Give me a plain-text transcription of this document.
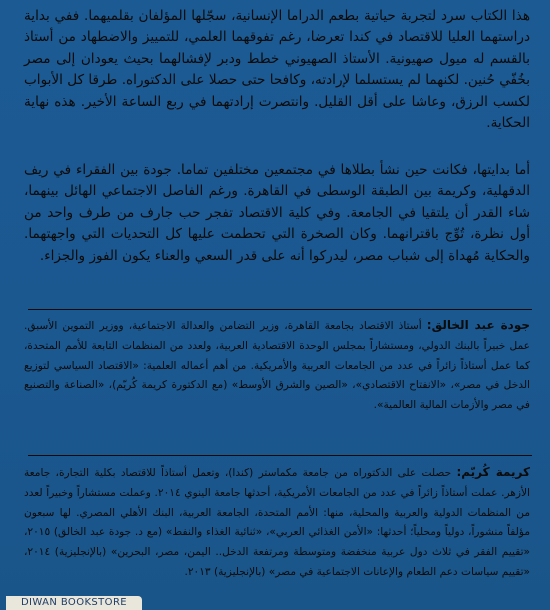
هذا الكتاب سرد لتجربة حياتية بطعم الدراما الإنسانية، سجّلها المؤلفان بقلميهما. ففي بداية دراستهما العليا للاقتصاد في كندا تعرضا، رغم تفوقهما العلمي، للتمييز والاضطهاد من أستاذ بالقسم له ميول صهيونية. الأستاذ الصهيوني خطط ودبر لإفشالهما بحيث يعودان إلى مصر بخُفّي حُنين. لكنهما لم يستسلما لإرادته، وكافحا حتى حصلا على الدكتوراه. طرقا كل الأبواب لكسب الرزق، وعاشا على أقل القليل. وانتصرت إرادتهما في ربع الساعة الأخير. هذه نهاية الحكاية.
أما بدايتها، فكانت حين نشأ بطلاها في مجتمعين مختلفين تماما. جودة بين الفقراء في ريف الدقهلية، وكريمة بين الطبقة الوسطى في القاهرة. ورغم الفاصل الاجتماعي الهائل بينهما، شاء القدر أن يلتقيا في الجامعة. وفي كلية الاقتصاد تفجر حب جارف من طرف واحد من أول نظرة، تُوِّج باقترانهما. وكان الصخرة التي تحطمت عليها كل التحديات التي واجهتهما. والحكاية مُهداة إلى شباب مصر، ليدركوا أنه على قدر السعي والعناء يكون الفوز والجزاء.
جودة عبد الخالق: أستاذ الاقتصاد بجامعة القاهرة، وزير التضامن والعدالة الاجتماعية، ووزير التموين الأسبق. عمل خبيراً بالبنك الدولي، ومستشاراً بمجلس الوحدة الاقتصادية العربية، ولعدد من المنظمات التابعة للأمم المتحدة، كما عمل أستاذاً زائراً في عدد من الجامعات العربية والأمريكية. من أهم أعماله العلمية: «الاقتصاد السياسي لتوزيع الدخل في مصر»، «الانفتاح الاقتصادي»، «الصين والشرق الأوسط» (مع الدكتورة كريمة كُريّم)، «الصناعة والتصنيع في مصر والأزمات المالية العالمية».
كريمة كُريّم: حصلت على الدكتوراه من جامعة مكماستر (كندا)، وتعمل أستاذاً للاقتصاد بكلية التجارة، جامعة الأزهر. عملت أستاذاً زائراً في عدد من الجامعات الأمريكية، أحدثها جامعة الينوي ٢٠١٤. وعملت مستشاراً وخبيراً لعدد من المنظمات الدولية والعربية والمحلية، منها: الأمم المتحدة، الجامعة العربية، البنك الأهلي المصري. لها سبعون مؤلفاً منشوراً، دولياً ومحلياً؛ أحدثها: «الأمن الغذائي العربي»، «ثنائية الغذاء والنفط» (مع د. جودة عبد الخالق) ٢٠١٥، «تقييم الفقر في ثلاث دول عربية منخفضة ومتوسطة ومرتفعة الدخل.. اليمن، مصر، البحرين» (بالإنجليزية) ٢٠١٤، «تقييم سياسات دعم الطعام والإعانات الاجتماعية في مصر» (بالإنجليزية) ٢٠١٣.
DIWAN BOOKSTORE
